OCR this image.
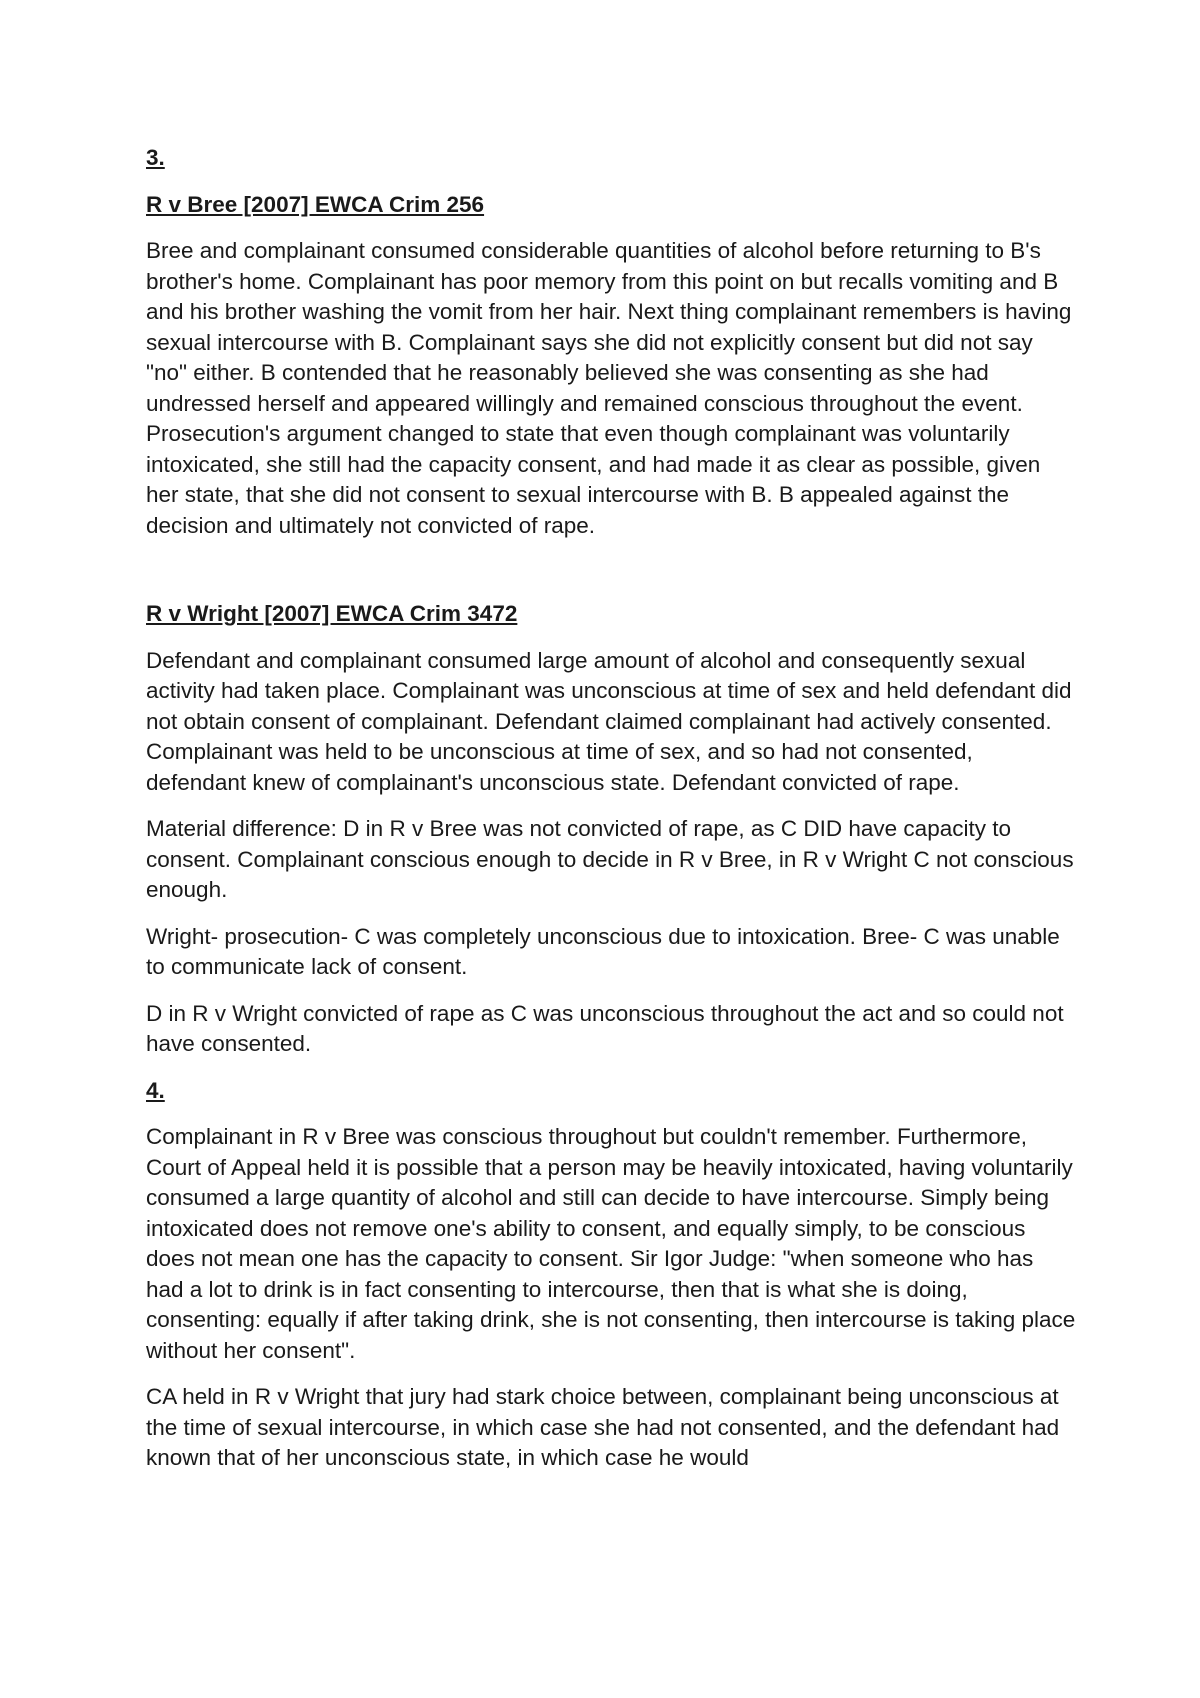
3.

R v Bree [2007] EWCA Crim 256

Bree and complainant consumed considerable quantities of alcohol before returning to B's brother's home. Complainant has poor memory from this point on but recalls vomiting and B and his brother washing the vomit from her hair. Next thing complainant remembers is having sexual intercourse with B. Complainant says she did not explicitly consent but did not say "no" either. B contended that he reasonably believed she was consenting as she had undressed herself and appeared willingly and remained conscious throughout the event. Prosecution's argument changed to state that even though complainant was voluntarily intoxicated, she still had the capacity consent, and had made it as clear as possible, given her state, that she did not consent to sexual intercourse with B. B appealed against the decision and ultimately not convicted of rape.

R v Wright [2007] EWCA Crim 3472

Defendant and complainant consumed large amount of alcohol and consequently sexual activity had taken place. Complainant was unconscious at time of sex and held defendant did not obtain consent of complainant. Defendant claimed complainant had actively consented. Complainant was held to be unconscious at time of sex, and so had not consented, defendant knew of complainant's unconscious state. Defendant convicted of rape.

Material difference: D in R v Bree was not convicted of rape, as C DID have capacity to consent. Complainant conscious enough to decide in R v Bree, in R v Wright C not conscious enough.

Wright- prosecution- C was completely unconscious due to intoxication. Bree- C was unable to communicate lack of consent.

D in R v Wright convicted of rape as C was unconscious throughout the act and so could not have consented.

4.

Complainant in R v Bree was conscious throughout but couldn't remember. Furthermore, Court of Appeal held it is possible that a person may be heavily intoxicated, having voluntarily consumed a large quantity of alcohol and still can decide to have intercourse. Simply being intoxicated does not remove one's ability to consent, and equally simply, to be conscious does not mean one has the capacity to consent. Sir Igor Judge: "when someone who has had a lot to drink is in fact consenting to intercourse, then that is what she is doing, consenting: equally if after taking drink, she is not consenting, then intercourse is taking place without her consent".

CA held in R v Wright that jury had stark choice between, complainant being unconscious at the time of sexual intercourse, in which case she had not consented, and the defendant had known that of her unconscious state, in which case he would
